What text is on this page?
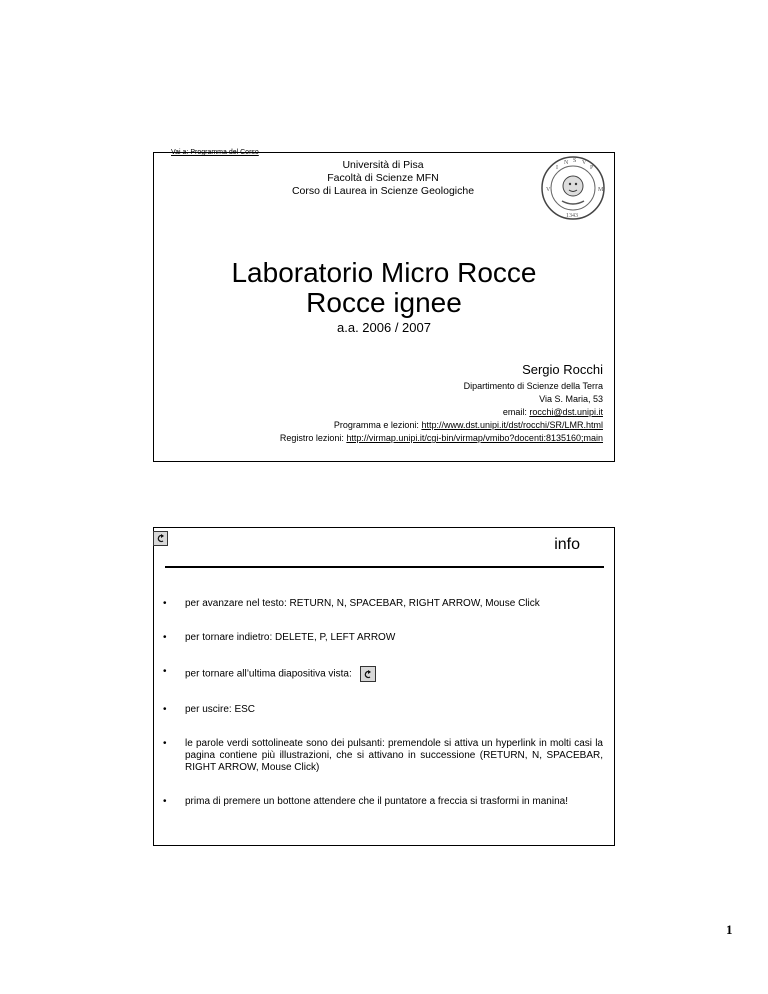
Vai a: Programma del Corso
Università di Pisa
Facoltà di Scienze MFN
Corso di Laurea in Scienze Geologiche
I
N S V
P
V	M
1343
Laboratorio Micro Rocce
Rocce ignee
a.a. 2006 / 2007
Sergio Rocchi
Dipartimento di Scienze della Terra
Via S. Maria, 53
email: rocchi@dst.unipi.it
Programma e lezioni: http://www.dst.unipi.it/dst/rocchi/SR/LMR.html
Registro lezioni: http://virmap.unipi.it/cgi-bin/virmap/vmibo?docenti:8135160;main
info
• per avanzare nel testo: RETURN, N, SPACEBAR, RIGHT ARROW, Mouse Click
• per tornare indietro: DELETE, P, LEFT ARROW
• per tornare all’ultima diapositiva vista:
• per uscire: ESC
• le parole verdi sottolineate sono dei pulsanti: premendole si attiva un hyperlink in molti casi la pagina contiene più illustrazioni, che si attivano in successione (RETURN, N, SPACEBAR, RIGHT ARROW, Mouse Click)
• prima di premere un bottone attendere che il puntatore a freccia si trasformi in manina!
1
